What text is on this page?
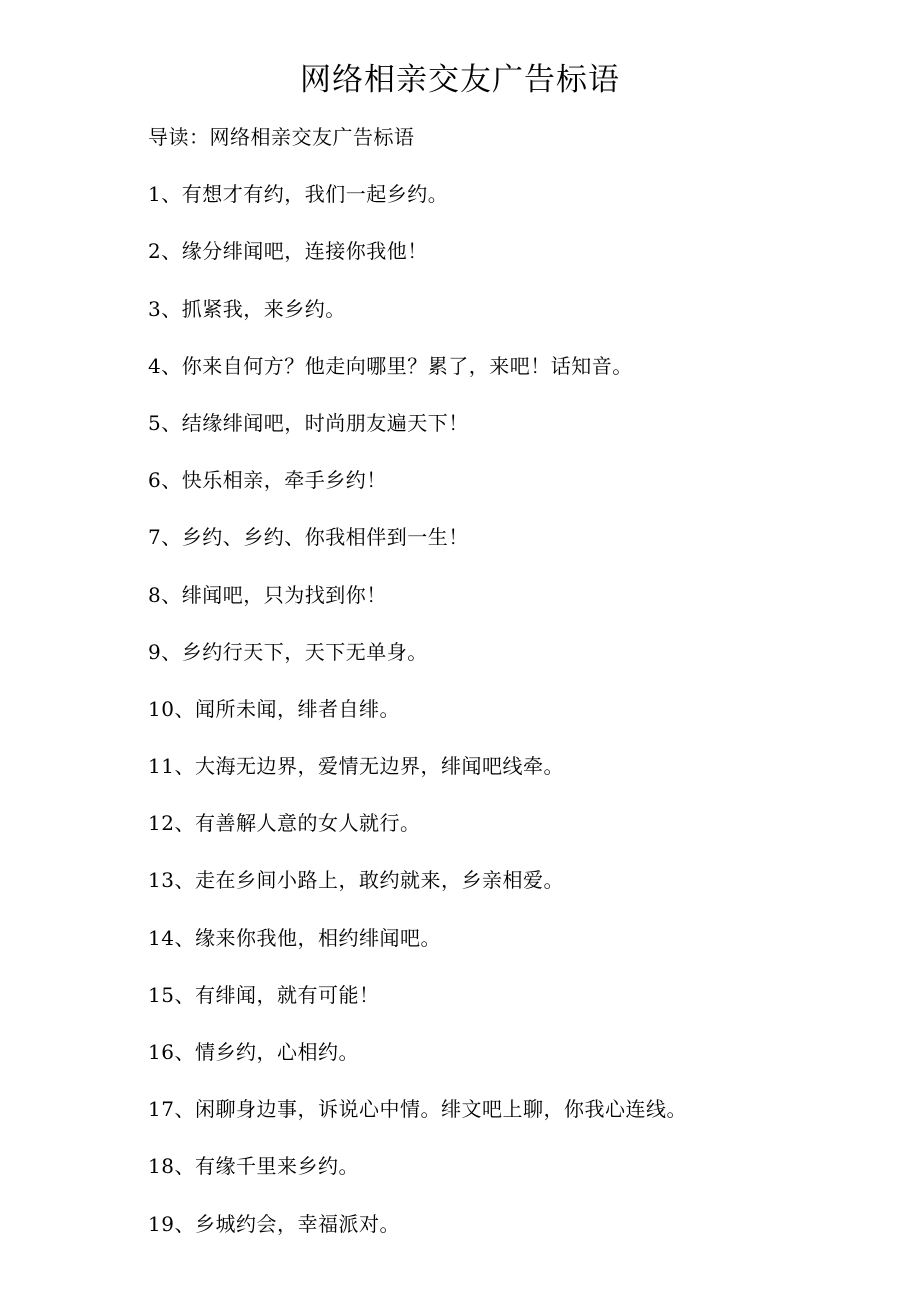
网络相亲交友广告标语
导读：网络相亲交友广告标语
1、有想才有约，我们一起乡约。
2、缘分绯闻吧，连接你我他！
3、抓紧我，来乡约。
4、你来自何方？他走向哪里？累了，来吧！话知音。
5、结缘绯闻吧，时尚朋友遍天下！
6、快乐相亲，牵手乡约！
7、乡约、乡约、你我相伴到一生！
8、绯闻吧，只为找到你！
9、乡约行天下，天下无单身。
10、闻所未闻，绯者自绯。
11、大海无边界，爱情无边界，绯闻吧线牵。
12、有善解人意的女人就行。
13、走在乡间小路上，敢约就来，乡亲相爱。
14、缘来你我他，相约绯闻吧。
15、有绯闻，就有可能！
16、情乡约，心相约。
17、闲聊身边事，诉说心中情。绯文吧上聊，你我心连线。
18、有缘千里来乡约。
19、乡城约会，幸福派对。
